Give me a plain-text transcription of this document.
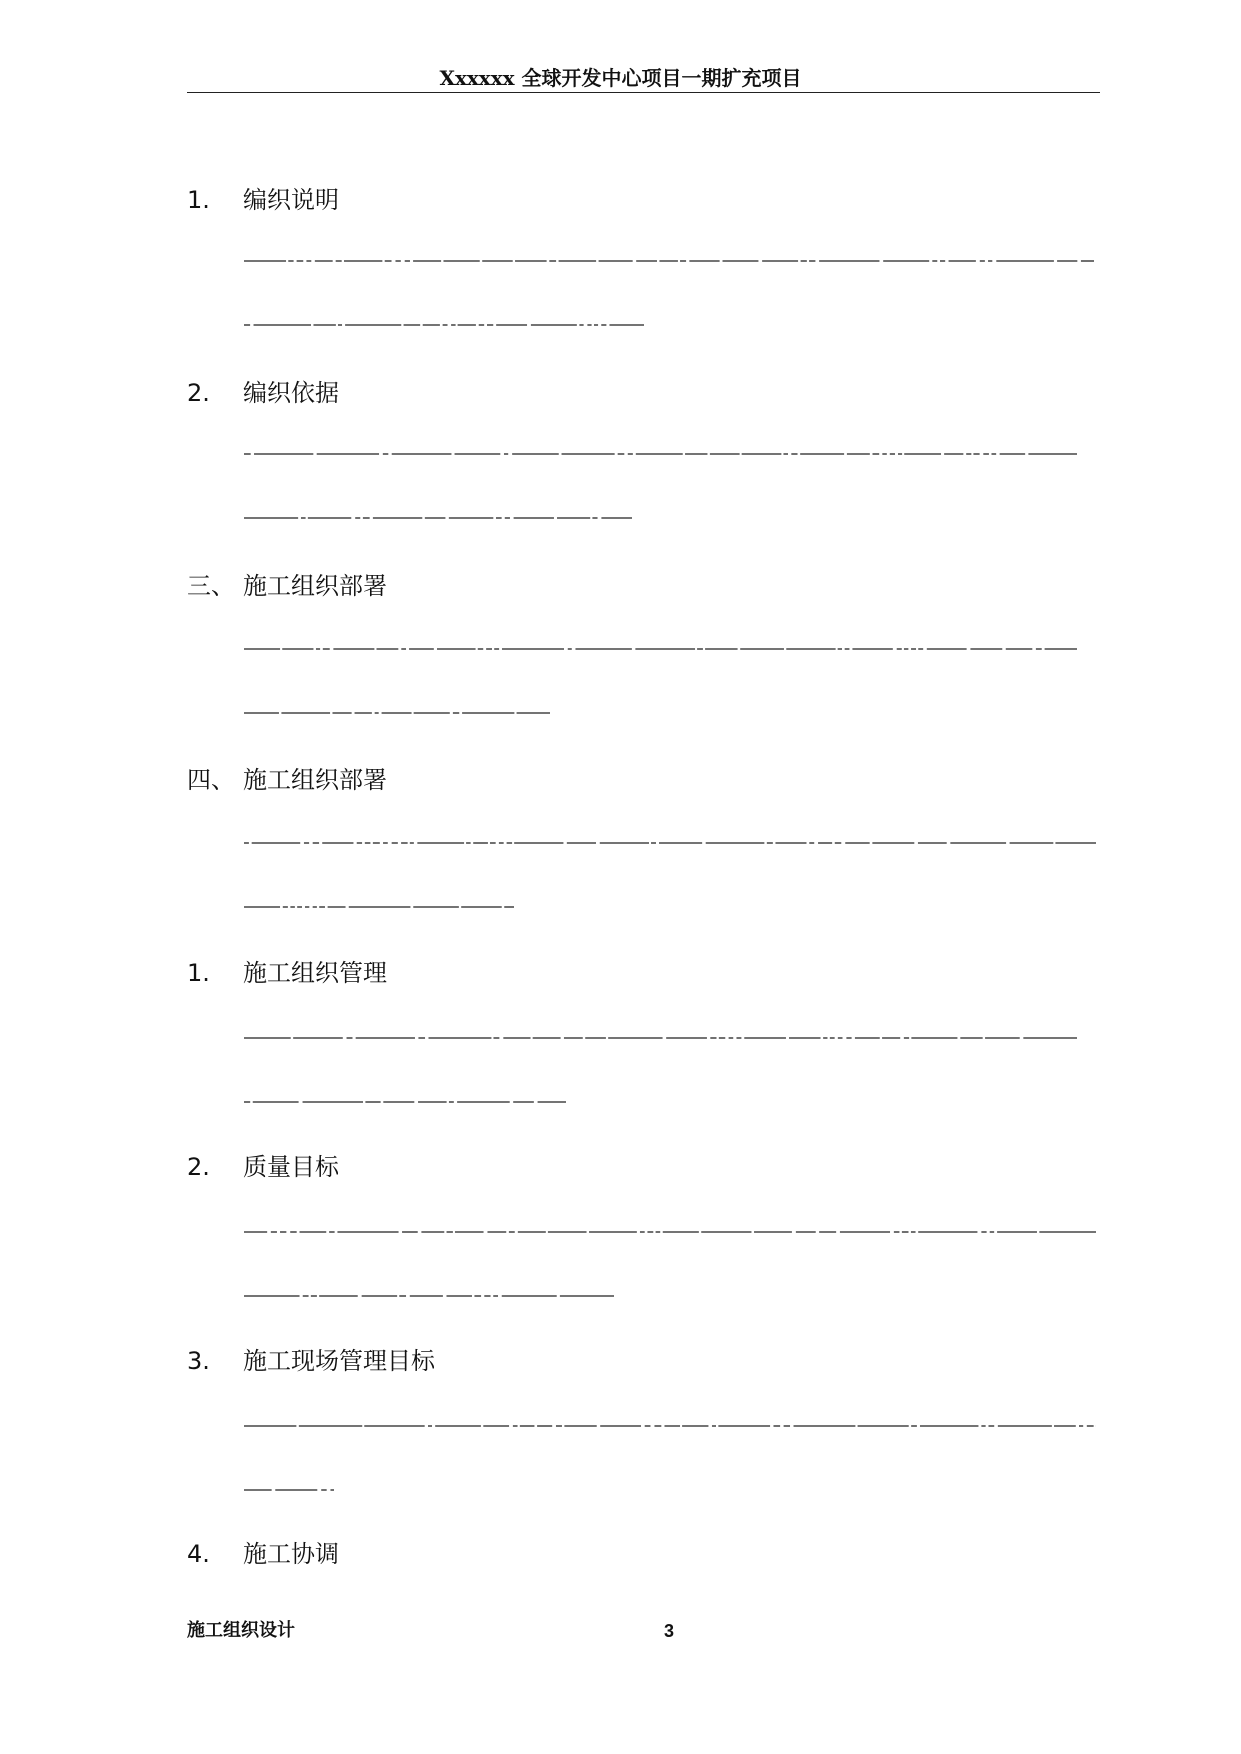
Xxxxxx 全球开发中心项目一期扩充项目
1. 编织说明
2. 编织依据
三、 施工组织部署
四、 施工组织部署
1. 施工组织管理
2. 质量目标
3. 施工现场管理目标
4. 施工协调
施工组织设计	3
